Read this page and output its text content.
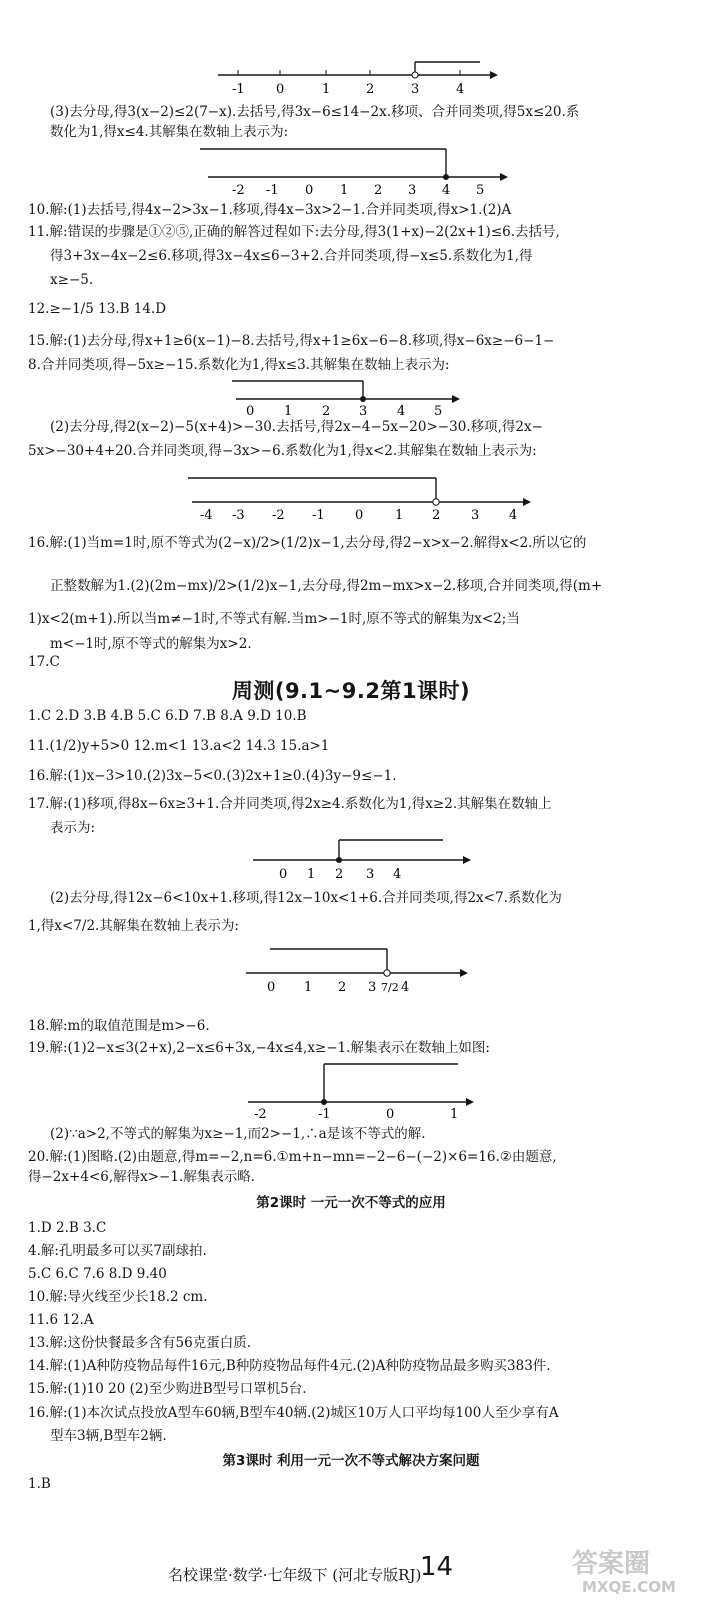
-1 0	1	2	3	4
-2 -1 0 1 2 3 4 5
0 1 2 3 4 5
-4 -3 -2 -1 0 1 2 3 4
0 1 2 3 4
0 1 2 3 7/2 4
-2	-1	0	1
周测(9.1~9.2第1课时)
第2课时 一元一次不等式的应用
第3课时 利用一元一次不等式解决方案问题
(3)去分母,得3(x−2)≤2(7−x).去括号,得3x−6≤14−2x.移项、合并同类项,得5x≤20.系
数化为1,得x≤4.其解集在数轴上表示为:
10.解:(1)去括号,得4x−2>3x−1.移项,得4x−3x>2−1.合并同类项,得x>1.(2)A
11.解:错误的步骤是①②⑤,正确的解答过程如下:去分母,得3(1+x)−2(2x+1)≤6.去括号,
得3+3x−4x−2≤6.移项,得3x−4x≤6−3+2.合并同类项,得−x≤5.系数化为1,得
x≥−5.
12.≥−1/5 13.B 14.D
15.解:(1)去分母,得x+1≥6(x−1)−8.去括号,得x+1≥6x−6−8.移项,得x−6x≥−6−1−
8.合并同类项,得−5x≥−15.系数化为1,得x≤3.其解集在数轴上表示为:
(2)去分母,得2(x−2)−5(x+4)>−30.去括号,得2x−4−5x−20>−30.移项,得2x−
5x>−30+4+20.合并同类项,得−3x>−6.系数化为1,得x<2.其解集在数轴上表示为:
16.解:(1)当m=1时,原不等式为(2−x)/2>(1/2)x−1,去分母,得2−x>x−2.解得x<2.所以它的
正整数解为1.(2)(2m−mx)/2>(1/2)x−1,去分母,得2m−mx>x−2.移项,合并同类项,得(m+
1)x<2(m+1).所以当m≠−1时,不等式有解.当m>−1时,原不等式的解集为x<2;当
m<−1时,原不等式的解集为x>2.
17.C
1.C 2.D 3.B 4.B 5.C 6.D 7.B 8.A 9.D 10.B
11.(1/2)y+5>0 12.m<1 13.a<2 14.3 15.a>1
16.解:(1)x−3>10.(2)3x−5<0.(3)2x+1≥0.(4)3y−9≤−1.
17.解:(1)移项,得8x−6x≥3+1.合并同类项,得2x≥4.系数化为1,得x≥2.其解集在数轴上
表示为:
(2)去分母,得12x−6<10x+1.移项,得12x−10x<1+6.合并同类项,得2x<7.系数化为
1,得x<7/2.其解集在数轴上表示为:
18.解:m的取值范围是m>−6.
19.解:(1)2−x≤3(2+x),2−x≤6+3x,−4x≤4,x≥−1.解集表示在数轴上如图:
(2)∵a>2,不等式的解集为x≥−1,而2>−1,∴a是该不等式的解.
20.解:(1)图略.(2)由题意,得m=−2,n=6.①m+n−mn=−2−6−(−2)×6=16.②由题意,
得−2x+4<6,解得x>−1.解集表示略.
1.D 2.B 3.C
4.解:孔明最多可以买7副球拍.
5.C 6.C 7.6 8.D 9.40
10.解:导火线至少长18.2 cm.
11.6 12.A
13.解:这份快餐最多含有56克蛋白质.
14.解:(1)A种防疫物品每件16元,B种防疫物品每件4元.(2)A种防疫物品最多购买383件.
15.解:(1)10 20 (2)至少购进B型号口罩机5台.
16.解:(1)本次试点投放A型车60辆,B型车40辆.(2)城区10万人口平均每100人至少享有A
型车3辆,B型车2辆.
1.B
名校课堂·数学·七年级下 (河北专版RJ)
14	答案圈
MXQE.COM
